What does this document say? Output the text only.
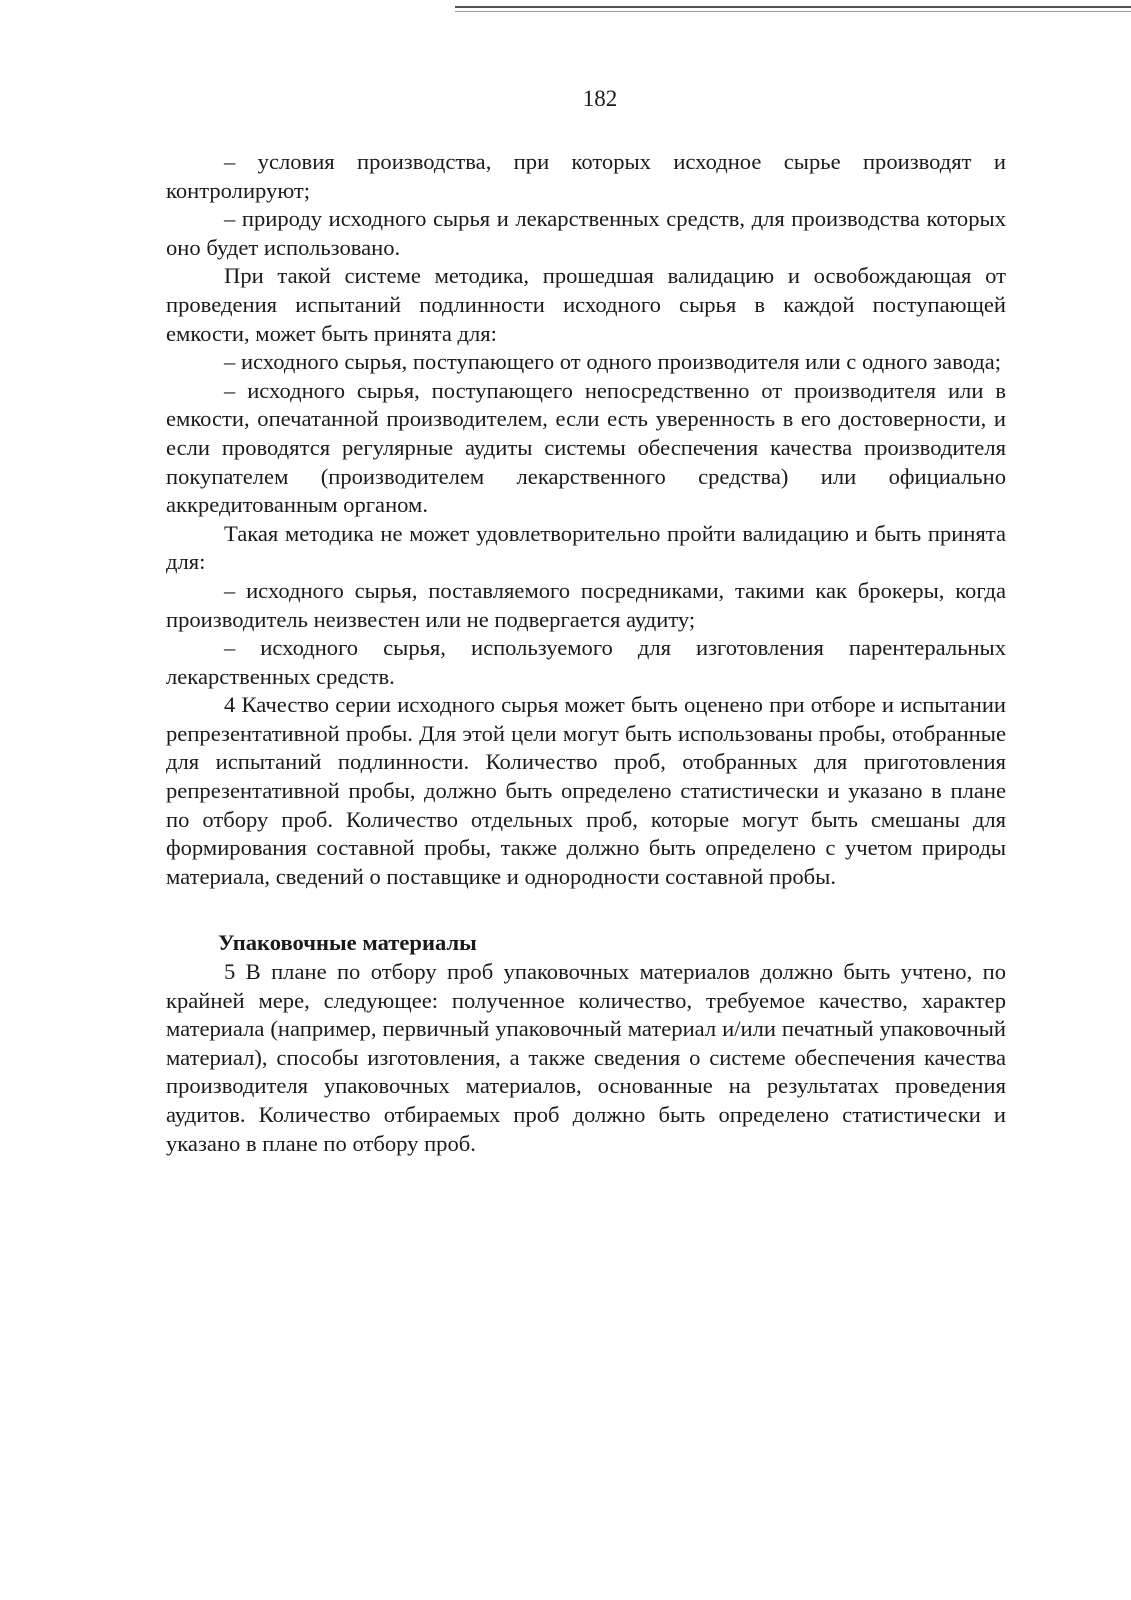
182

– условия производства, при которых исходное сырье производят и контролируют;

– природу исходного сырья и лекарственных средств, для производства которых оно будет использовано.

При такой системе методика, прошедшая валидацию и освобождающая от проведения испытаний подлинности исходного сырья в каждой поступающей емкости, может быть принята для:

– исходного сырья, поступающего от одного производителя или с одного завода;

– исходного сырья, поступающего непосредственно от производителя или в емкости, опечатанной производителем, если есть уверенность в его достоверности, и если проводятся регулярные аудиты системы обеспечения качества производителя покупателем (производителем лекарственного средства) или официально аккредитованным органом.

Такая методика не может удовлетворительно пройти валидацию и быть принята для:

– исходного сырья, поставляемого посредниками, такими как брокеры, когда производитель неизвестен или не подвергается аудиту;

– исходного сырья, используемого для изготовления парентеральных лекарственных средств.

4 Качество серии исходного сырья может быть оценено при отборе и испытании репрезентативной пробы. Для этой цели могут быть использованы пробы, отобранные для испытаний подлинности. Количество проб, отобранных для приготовления репрезентативной пробы, должно быть определено статистически и указано в плане по отбору проб. Количество отдельных проб, которые могут быть смешаны для формирования составной пробы, также должно быть определено с учетом природы материала, сведений о поставщике и однородности составной пробы.

Упаковочные материалы

5 В плане по отбору проб упаковочных материалов должно быть учтено, по крайней мере, следующее: полученное количество, требуемое качество, характер материала (например, первичный упаковочный материал и/или печатный упаковочный материал), способы изготовления, а также сведения о системе обеспечения качества производителя упаковочных материалов, основанные на результатах проведения аудитов. Количество отбираемых проб должно быть определено статистически и указано в плане по отбору проб.
